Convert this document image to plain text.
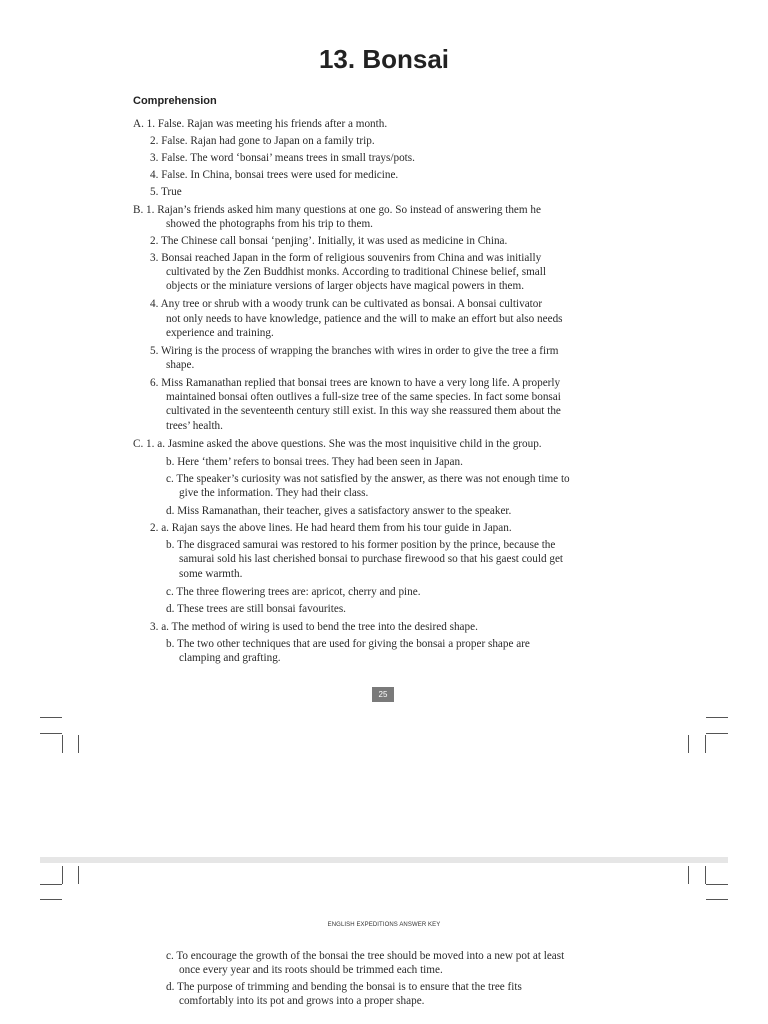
13. Bonsai
Comprehension
A. 1. False. Rajan was meeting his friends after a month.
2. False. Rajan had gone to Japan on a family trip.
3. False. The word ‘bonsai’ means trees in small trays/pots.
4. False. In China, bonsai trees were used for medicine.
5. True
B. 1. Rajan’s friends asked him many questions at one go. So instead of answering them he
showed the photographs from his trip to them.
2. The Chinese call bonsai ‘penjing’. Initially, it was used as medicine in China.
3. Bonsai reached Japan in the form of religious souvenirs from China and was initially
cultivated by the Zen Buddhist monks. According to traditional Chinese belief, small
objects or the miniature versions of larger objects have magical powers in them.
4. Any tree or shrub with a woody trunk can be cultivated as bonsai. A bonsai cultivator
not only needs to have knowledge, patience and the will to make an effort but also needs
experience and training.
5. Wiring is the process of wrapping the branches with wires in order to give the tree a firm
shape.
6. Miss Ramanathan replied that bonsai trees are known to have a very long life. A properly
maintained bonsai often outlives a full-size tree of the same species. In fact some bonsai
cultivated in the seventeenth century still exist. In this way she reassured them about the
trees’ health.
C. 1. a. Jasmine asked the above questions. She was the most inquisitive child in the group.
b. Here ‘them’ refers to bonsai trees. They had been seen in Japan.
c. The speaker’s curiosity was not satisfied by the answer, as there was not enough time to
give the information. They had their class.
d. Miss Ramanathan, their teacher, gives a satisfactory answer to the speaker.
2. a. Rajan says the above lines. He had heard them from his tour guide in Japan.
b. The disgraced samurai was restored to his former position by the prince, because the
samurai sold his last cherished bonsai to purchase firewood so that his gaest could get
some warmth.
c. The three flowering trees are: apricot, cherry and pine.
d. These trees are still bonsai favourites.
3. a. The method of wiring is used to bend the tree into the desired shape.
b. The two other techniques that are used for giving the bonsai a proper shape are
clamping and grafting.
25
ENGLISH EXPEDITIONS ANSWER KEY
c. To encourage the growth of the bonsai the tree should be moved into a new pot at least
once every year and its roots should be trimmed each time.
d. The purpose of trimming and bending the bonsai is to ensure that the tree fits
comfortably into its pot and grows into a proper shape.
